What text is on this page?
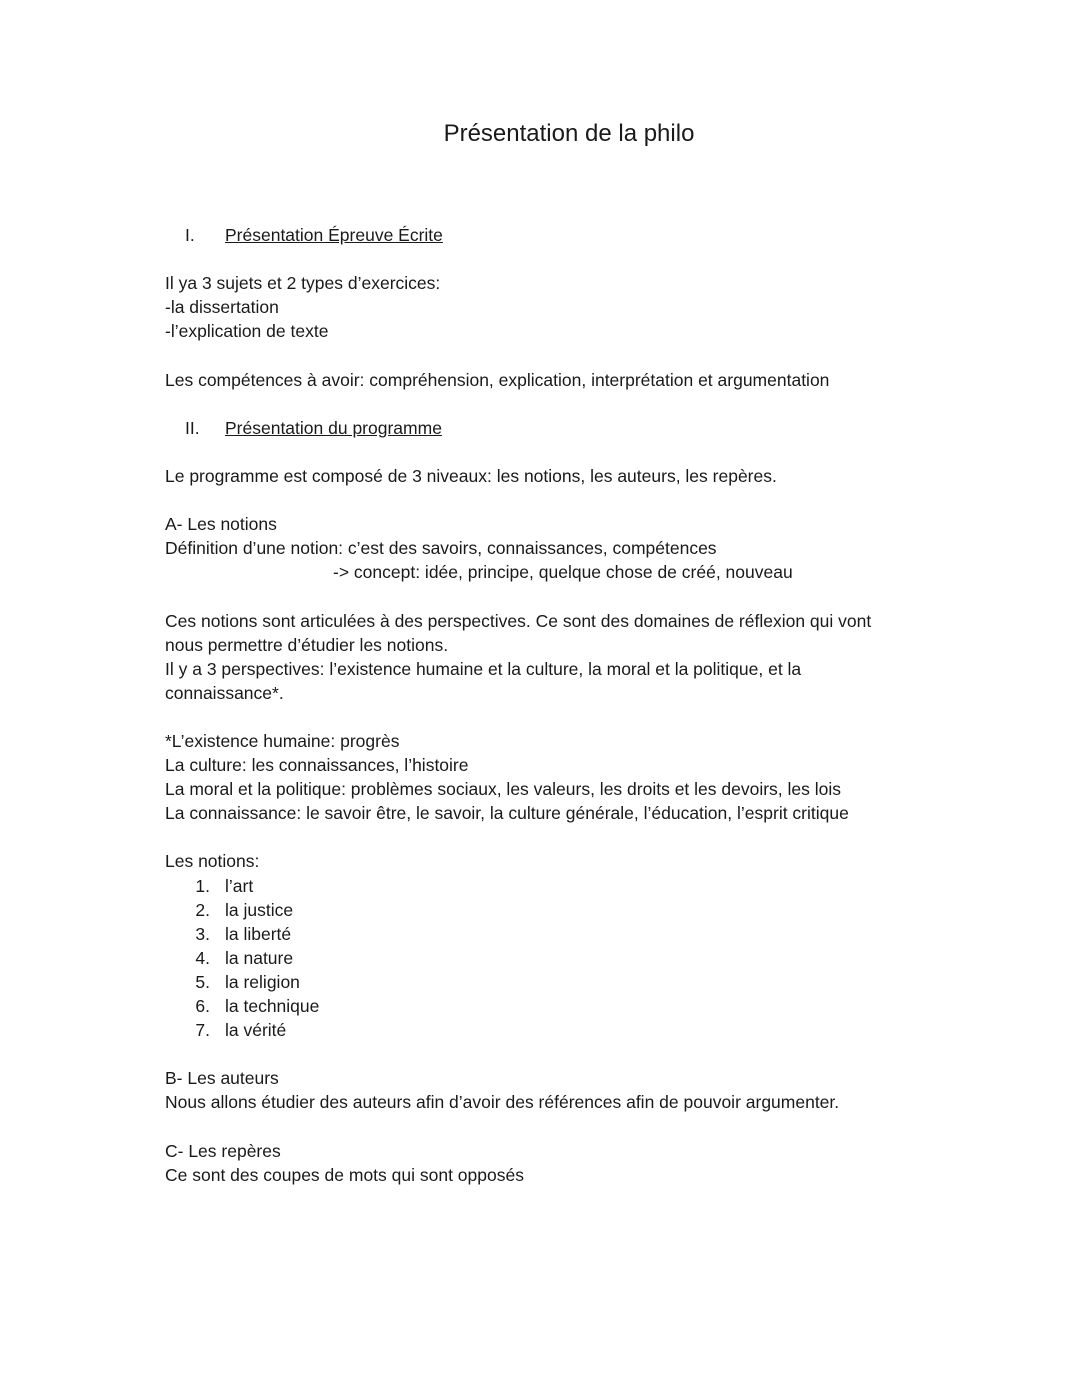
Présentation de la philo
I. Présentation Épreuve Écrite
Il ya 3 sujets et 2 types d’exercices:
-la dissertation
-l’explication de texte
Les compétences à avoir: compréhension, explication, interprétation et argumentation
II. Présentation du programme
Le programme est composé de 3 niveaux: les notions, les auteurs, les repères.
A- Les notions
Définition d’une notion: c’est des savoirs, connaissances, compétences
-> concept: idée, principe, quelque chose de créé, nouveau
Ces notions sont articulées à des perspectives. Ce sont des domaines de réflexion qui vont
nous permettre d’étudier les notions.
Il y a 3 perspectives: l’existence humaine et la culture, la moral et la politique, et la
connaissance*.
*L’existence humaine: progrès
La culture: les connaissances, l’histoire
La moral et la politique: problèmes sociaux, les valeurs, les droits et les devoirs, les lois
La connaissance: le savoir être, le savoir, la culture générale, l’éducation, l’esprit critique
Les notions:
1. l’art
2. la justice
3. la liberté
4. la nature
5. la religion
6. la technique
7. la vérité
B- Les auteurs
Nous allons étudier des auteurs afin d’avoir des références afin de pouvoir argumenter.
C- Les repères
Ce sont des coupes de mots qui sont opposés
